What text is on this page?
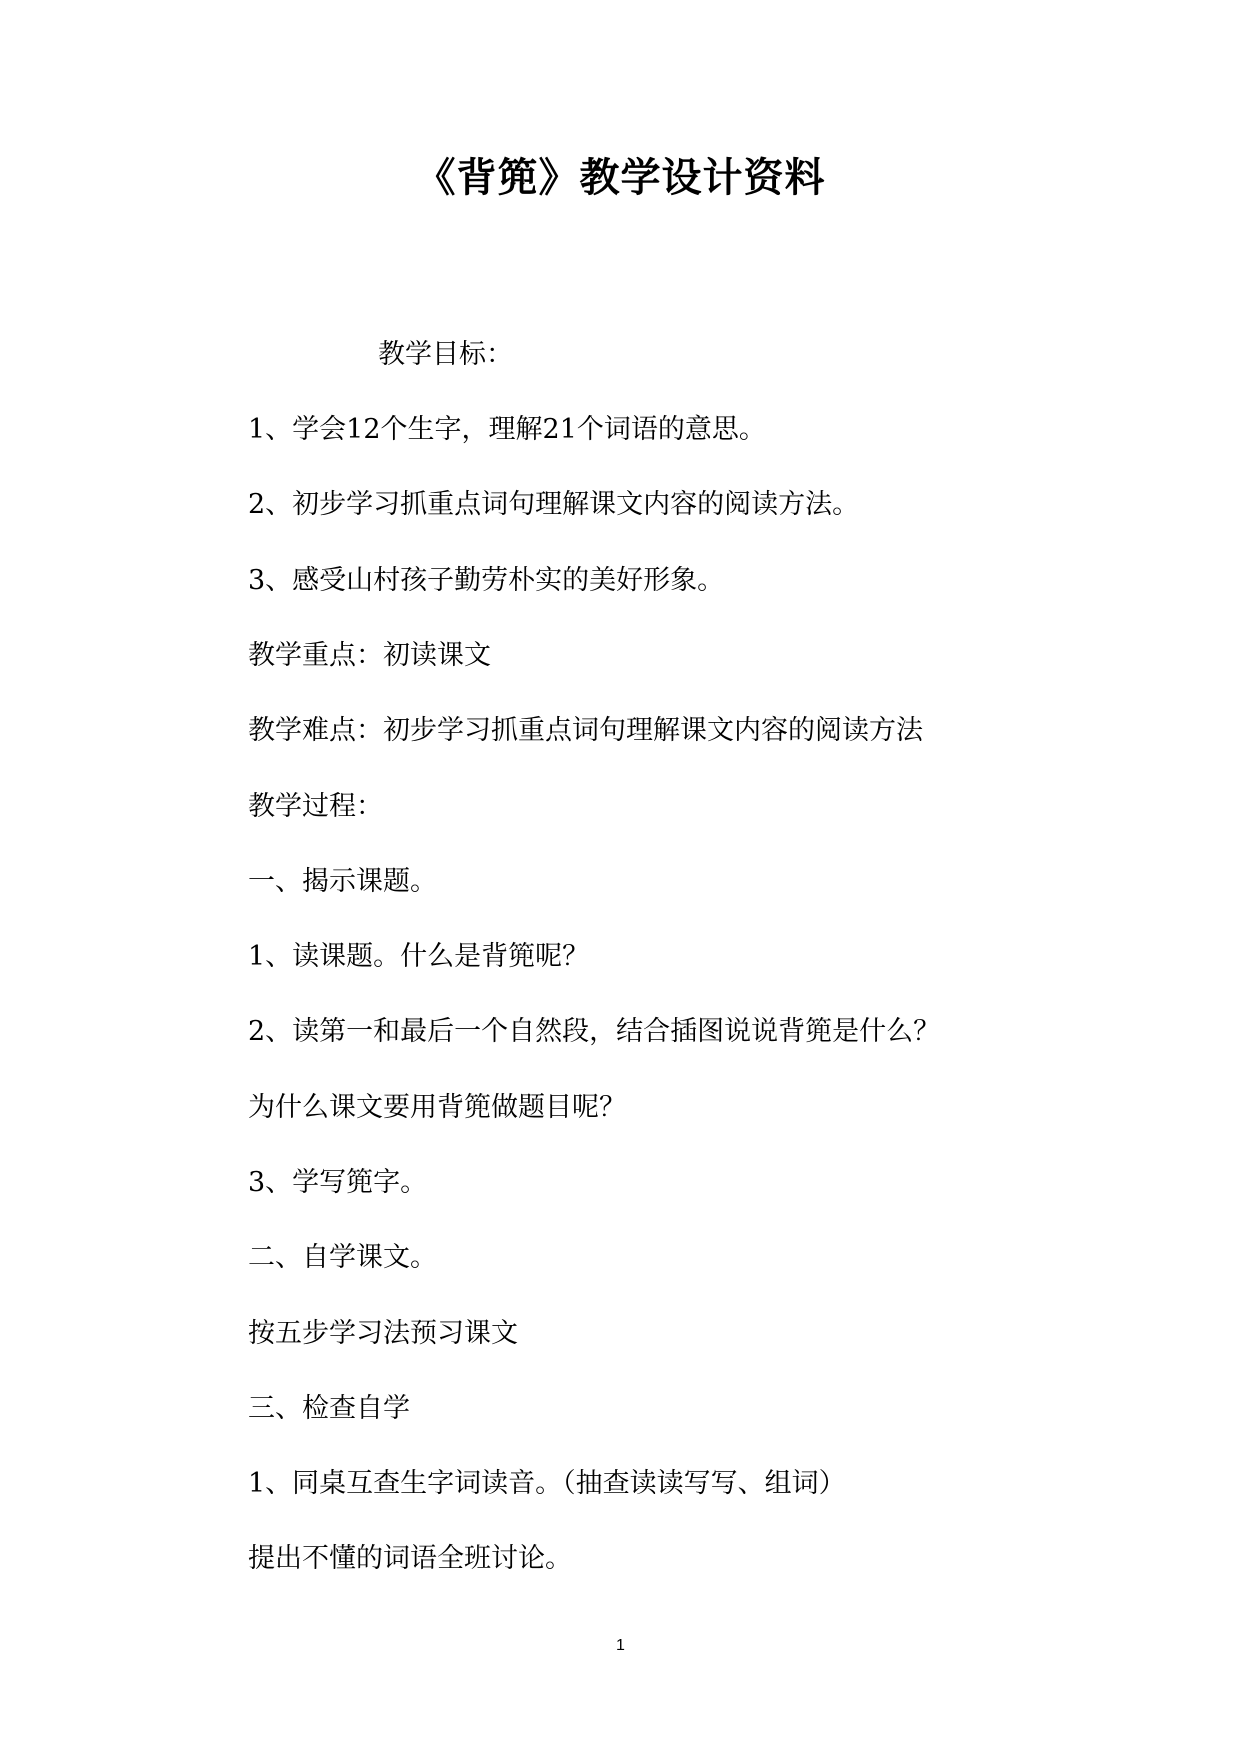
《背篼》教学设计资料
教学目标：
1、学会12个生字，理解21个词语的意思。
2、初步学习抓重点词句理解课文内容的阅读方法。
3、感受山村孩子勤劳朴实的美好形象。
教学重点：初读课文
教学难点：初步学习抓重点词句理解课文内容的阅读方法
教学过程：
一、揭示课题。
1、读课题。什么是背篼呢？
2、读第一和最后一个自然段，结合插图说说背篼是什么？
为什么课文要用背篼做题目呢？
3、学写篼字。
二、自学课文。
按五步学习法预习课文
三、检查自学
1、同桌互查生字词读音。（抽查读读写写、组词）
提出不懂的词语全班讨论。
1
